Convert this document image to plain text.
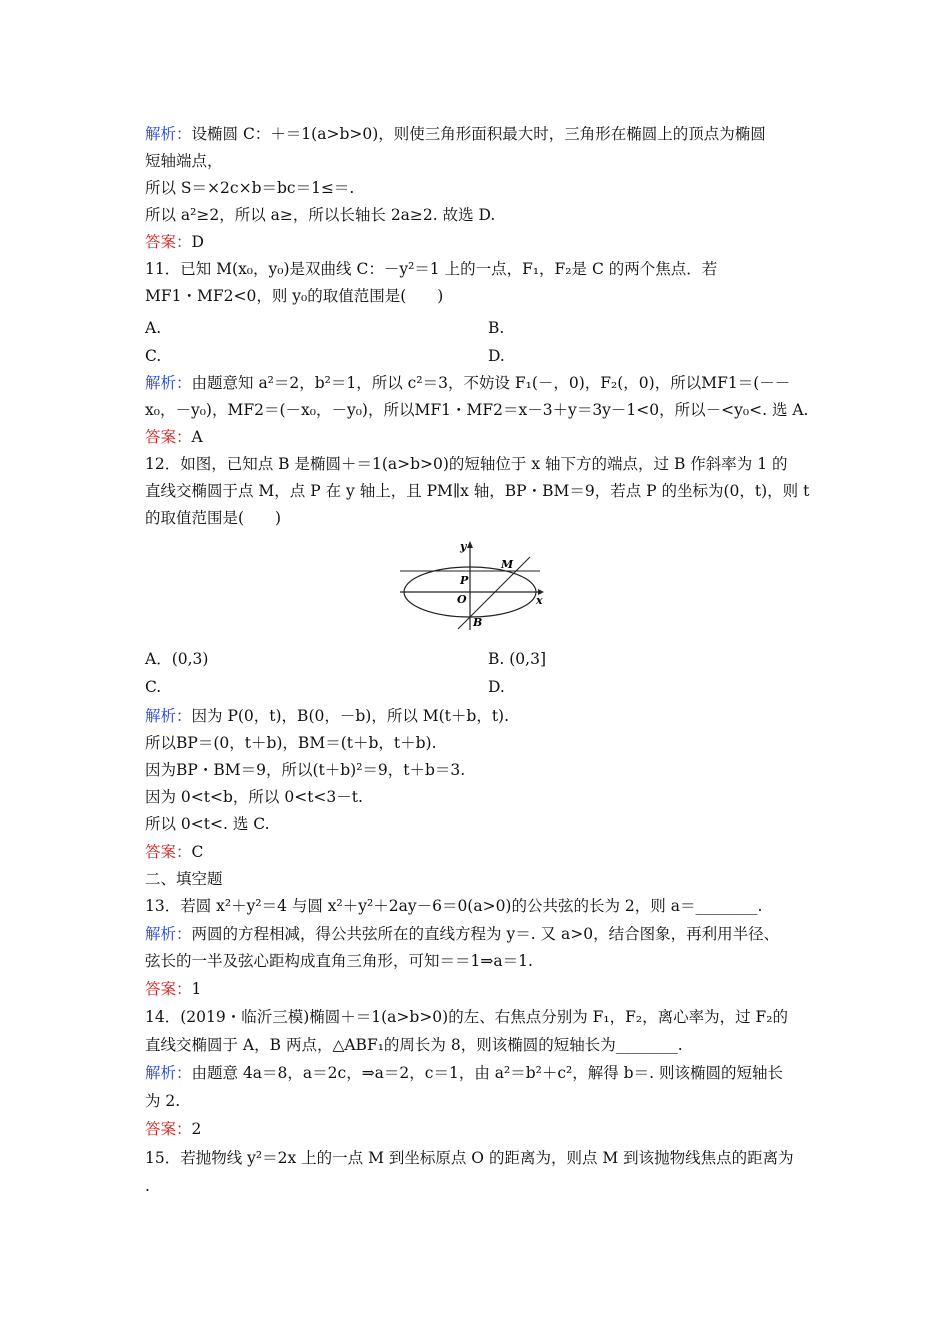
解析：设椭圆 C：＋＝1(a>b>0)，则使三角形面积最大时，三角形在椭圆上的顶点为椭圆
短轴端点，
所以 S＝×2c×b＝bc＝1≤＝.
所以 a²≥2，所以 a≥，所以长轴长 2a≥2. 故选 D.
答案：D
11．已知 M(x₀，y₀)是双曲线 C：－y²＝1 上的一点，F₁，F₂是 C 的两个焦点．若
MF1・MF2<0，则 y₀的取值范围是(　　)
A.	B.
C.	D.
解析：由题意知 a²＝2，b²＝1，所以 c²＝3，不妨设 F₁(－，0)，F₂(，0)，所以MF1＝(－－
x₀，－y₀)，MF2＝(－x₀，－y₀)，所以MF1・MF2＝x－3＋y＝3y－1<0，所以－<y₀<. 选 A.
答案：A
12．如图，已知点 B 是椭圆＋＝1(a>b>0)的短轴位于 x 轴下方的端点，过 B 作斜率为 1 的
直线交椭圆于点 M，点 P 在 y 轴上，且 PM∥x 轴，BP・BM＝9，若点 P 的坐标为(0，t)，则 t
的取值范围是(　　)
y
x
M
P
O
B
A．(0,3)	B. (0,3]
C.	D.
解析：因为 P(0，t)，B(0，－b)，所以 M(t＋b，t).
所以BP＝(0，t＋b)，BM＝(t＋b，t＋b).
因为BP・BM＝9，所以(t＋b)²＝9，t＋b＝3.
因为 0<t<b，所以 0<t<3－t.
所以 0<t<. 选 C.
答案：C
二、填空题
13．若圆 x²＋y²＝4 与圆 x²＋y²＋2ay－6＝0(a>0)的公共弦的长为 2，则 a＝________.
解析：两圆的方程相减，得公共弦所在的直线方程为 y＝. 又 a>0，结合图象，再利用半径、
弦长的一半及弦心距构成直角三角形，可知＝＝1⇒a＝1.
答案：1
14．(2019・临沂三模)椭圆＋＝1(a>b>0)的左、右焦点分别为 F₁，F₂，离心率为，过 F₂的
直线交椭圆于 A，B 两点，△ABF₁的周长为 8，则该椭圆的短轴长为________.
解析：由题意 4a＝8，a＝2c，⇒a＝2，c＝1，由 a²＝b²＋c²，解得 b＝. 则该椭圆的短轴长
为 2.
答案：2
15．若抛物线 y²＝2x 上的一点 M 到坐标原点 O 的距离为，则点 M 到该抛物线焦点的距离为
.
